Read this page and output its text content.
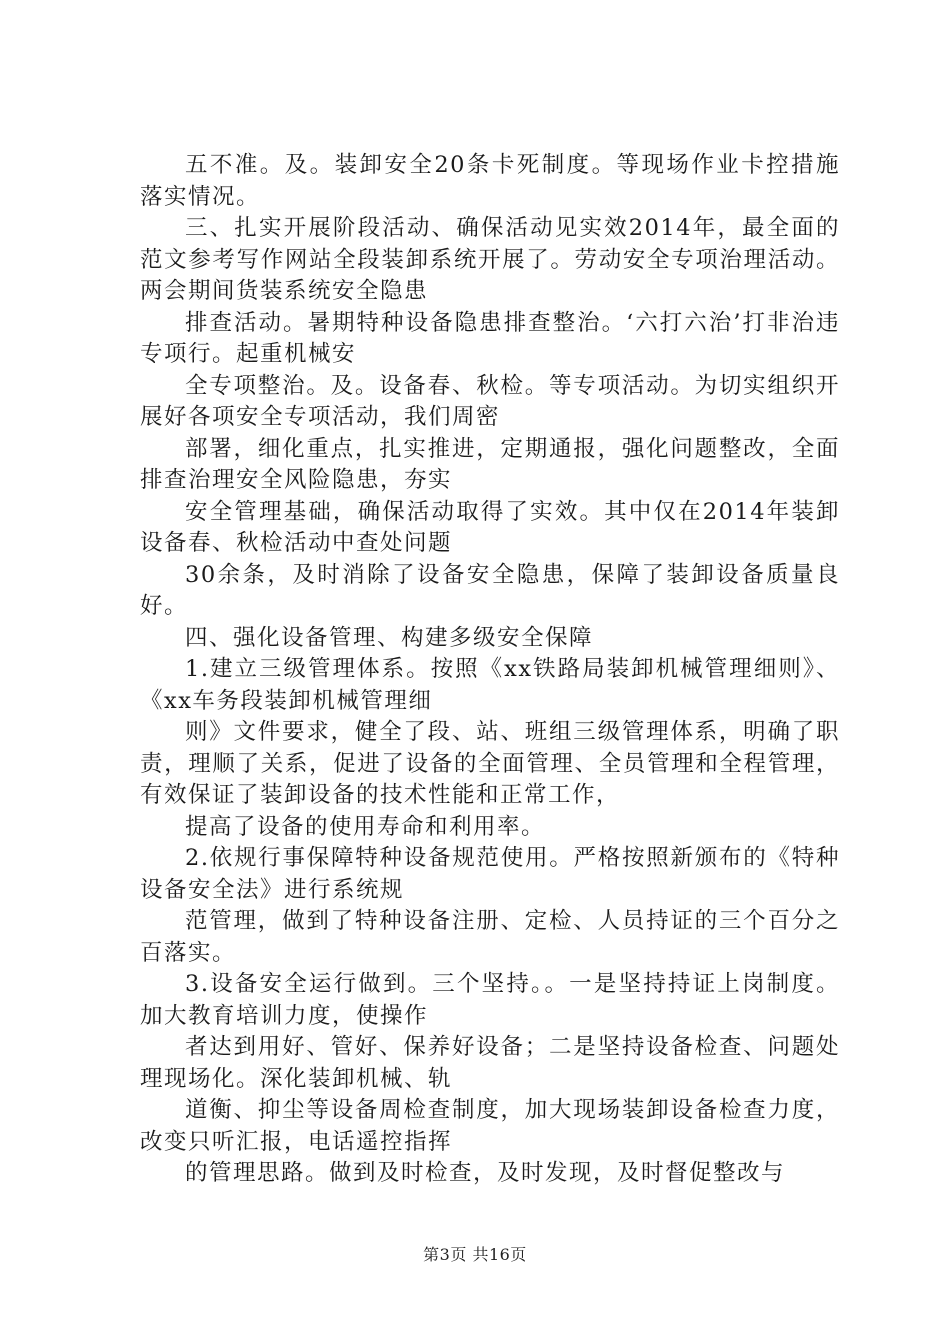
五不准。及。装卸安全20条卡死制度。等现场作业卡控措施落实情况。

三、扎实开展阶段活动、确保活动见实效2014年，最全面的范文参考写作网站全段装卸系统开展了。劳动安全专项治理活动。两会期间货装系统安全隐患

排查活动。暑期特种设备隐患排查整治。‘六打六治’打非治违专项行。起重机械安

全专项整治。及。设备春、秋检。等专项活动。为切实组织开展好各项安全专项活动，我们周密

部署，细化重点，扎实推进，定期通报，强化问题整改，全面排查治理安全风险隐患，夯实

安全管理基础，确保活动取得了实效。其中仅在2014年装卸设备春、秋检活动中查处问题

30余条，及时消除了设备安全隐患，保障了装卸设备质量良好。

四、强化设备管理、构建多级安全保障

1.建立三级管理体系。按照《xx铁路局装卸机械管理细则》、《xx车务段装卸机械管理细

则》文件要求，健全了段、站、班组三级管理体系，明确了职责，理顺了关系，促进了设备的全面管理、全员管理和全程管理，有效保证了装卸设备的技术性能和正常工作，

提高了设备的使用寿命和利用率。

2.依规行事保障特种设备规范使用。严格按照新颁布的《特种设备安全法》进行系统规

范管理，做到了特种设备注册、定检、人员持证的三个百分之百落实。

3.设备安全运行做到。三个坚持。。一是坚持持证上岗制度。加大教育培训力度，使操作

者达到用好、管好、保养好设备；二是坚持设备检查、问题处理现场化。深化装卸机械、轨

道衡、抑尘等设备周检查制度，加大现场装卸设备检查力度，改变只听汇报，电话遥控指挥

的管理思路。做到及时检查，及时发现，及时督促整改与

第3页 共16页
